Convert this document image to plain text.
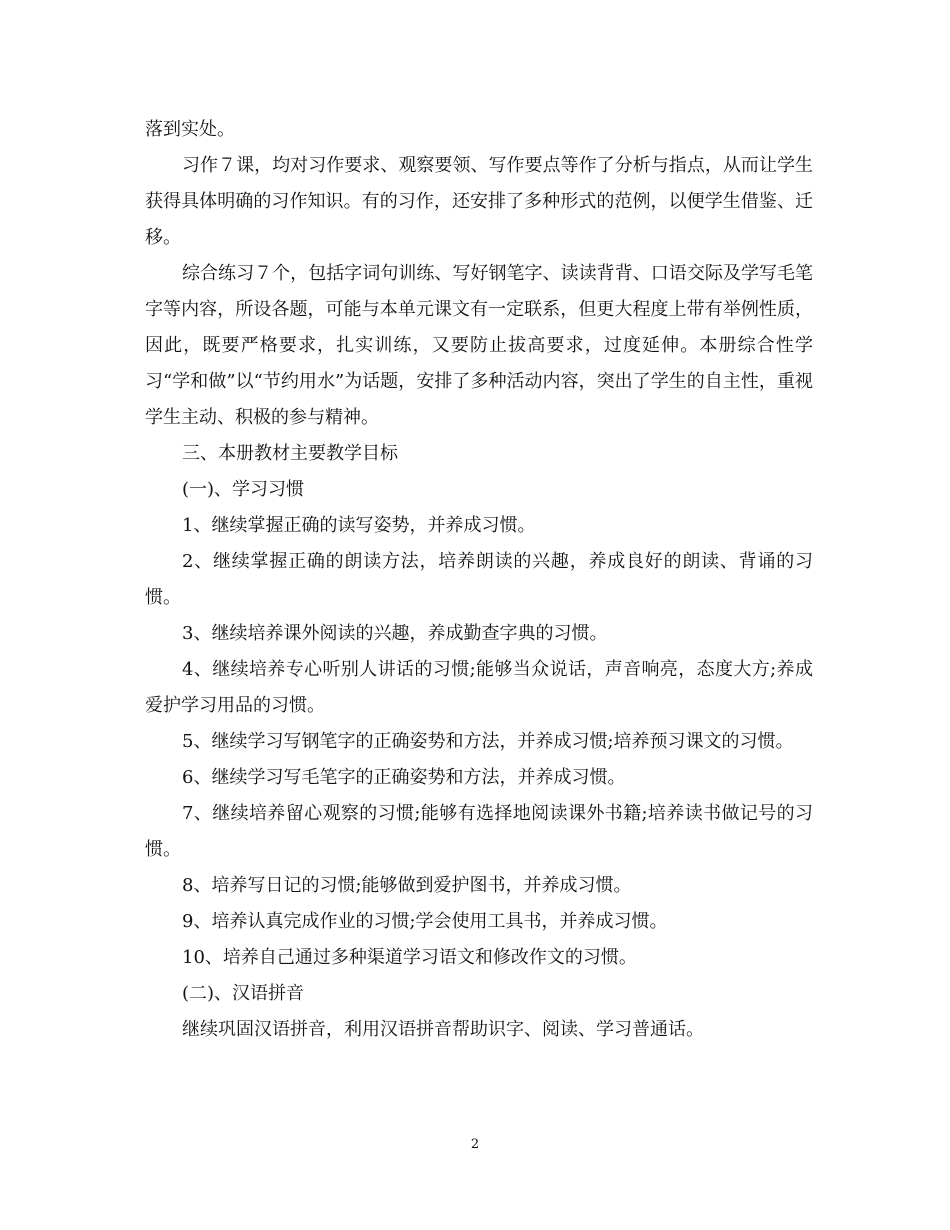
落到实处。

习作７课，均对习作要求、观察要领、写作要点等作了分析与指点，从而让学生获得具体明确的习作知识。有的习作，还安排了多种形式的范例，以便学生借鉴、迁移。

综合练习７个，包括字词句训练、写好钢笔字、读读背背、口语交际及学写毛笔字等内容，所设各题，可能与本单元课文有一定联系，但更大程度上带有举例性质，因此，既要严格要求，扎实训练，又要防止拔高要求，过度延伸。本册综合性学习“学和做”以“节约用水”为话题，安排了多种活动内容，突出了学生的自主性，重视学生主动、积极的参与精神。

三、本册教材主要教学目标

(一)、学习习惯

1、继续掌握正确的读写姿势，并养成习惯。

2、继续掌握正确的朗读方法，培养朗读的兴趣，养成良好的朗读、背诵的习惯。

3、继续培养课外阅读的兴趣，养成勤查字典的习惯。

4、继续培养专心听别人讲话的习惯;能够当众说话，声音响亮，态度大方;养成爱护学习用品的习惯。

5、继续学习写钢笔字的正确姿势和方法，并养成习惯;培养预习课文的习惯。

6、继续学习写毛笔字的正确姿势和方法，并养成习惯。

7、继续培养留心观察的习惯;能够有选择地阅读课外书籍;培养读书做记号的习惯。

8、培养写日记的习惯;能够做到爱护图书，并养成习惯。

9、培养认真完成作业的习惯;学会使用工具书，并养成习惯。

10、培养自己通过多种渠道学习语文和修改作文的习惯。

(二)、汉语拼音

继续巩固汉语拼音，利用汉语拼音帮助识字、阅读、学习普通话。

2
